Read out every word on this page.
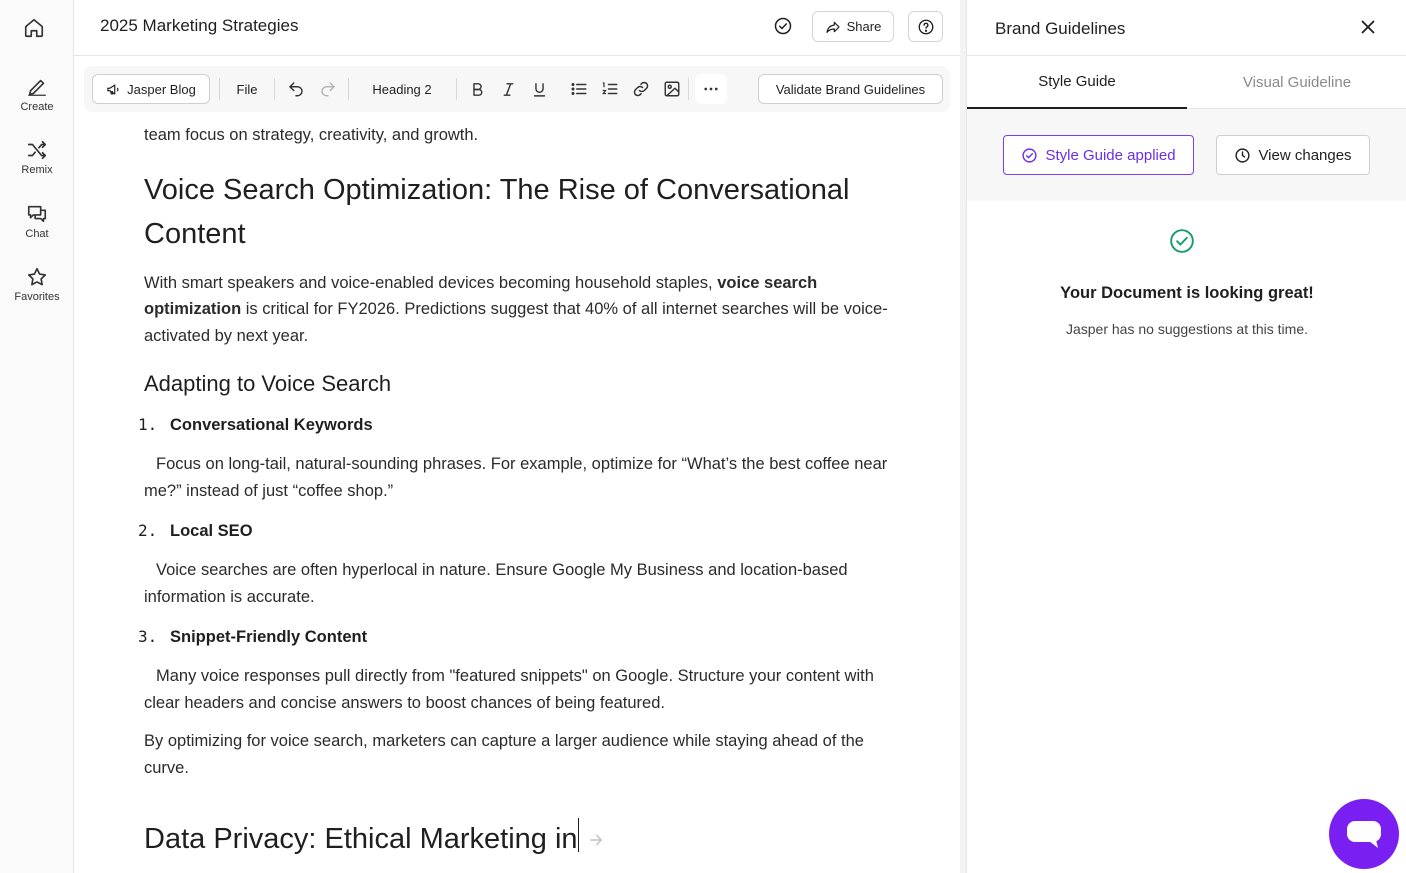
Create
Remix
Chat
Favorites
2025 Marketing Strategies	Share
Jasper Blog	File	Heading 2	Validate Brand Guidelines

team focus on strategy, creativity, and growth.

Voice Search Optimization: The Rise of Conversational Content

With smart speakers and voice-enabled devices becoming household staples, voice search optimization is critical for FY2026. Predictions suggest that 40% of all internet searches will be voice-activated by next year.

Adapting to Voice Search
1. Conversational Keywords

Focus on long-tail, natural-sounding phrases. For example, optimize for “What’s the best coffee near me?” instead of just “coffee shop.”

2. Local SEO

Voice searches are often hyperlocal in nature. Ensure Google My Business and location-based information is accurate.

3. Snippet-Friendly Content

Many voice responses pull directly from "featured snippets" on Google. Structure your content with clear headers and concise answers to boost chances of being featured.

By optimizing for voice search, marketers can capture a larger audience while staying ahead of the curve.

Data Privacy: Ethical Marketing in
Brand Guidelines
Style Guide	Visual Guideline
Style Guide applied	View changes
Your Document is looking great!
Jasper has no suggestions at this time.
